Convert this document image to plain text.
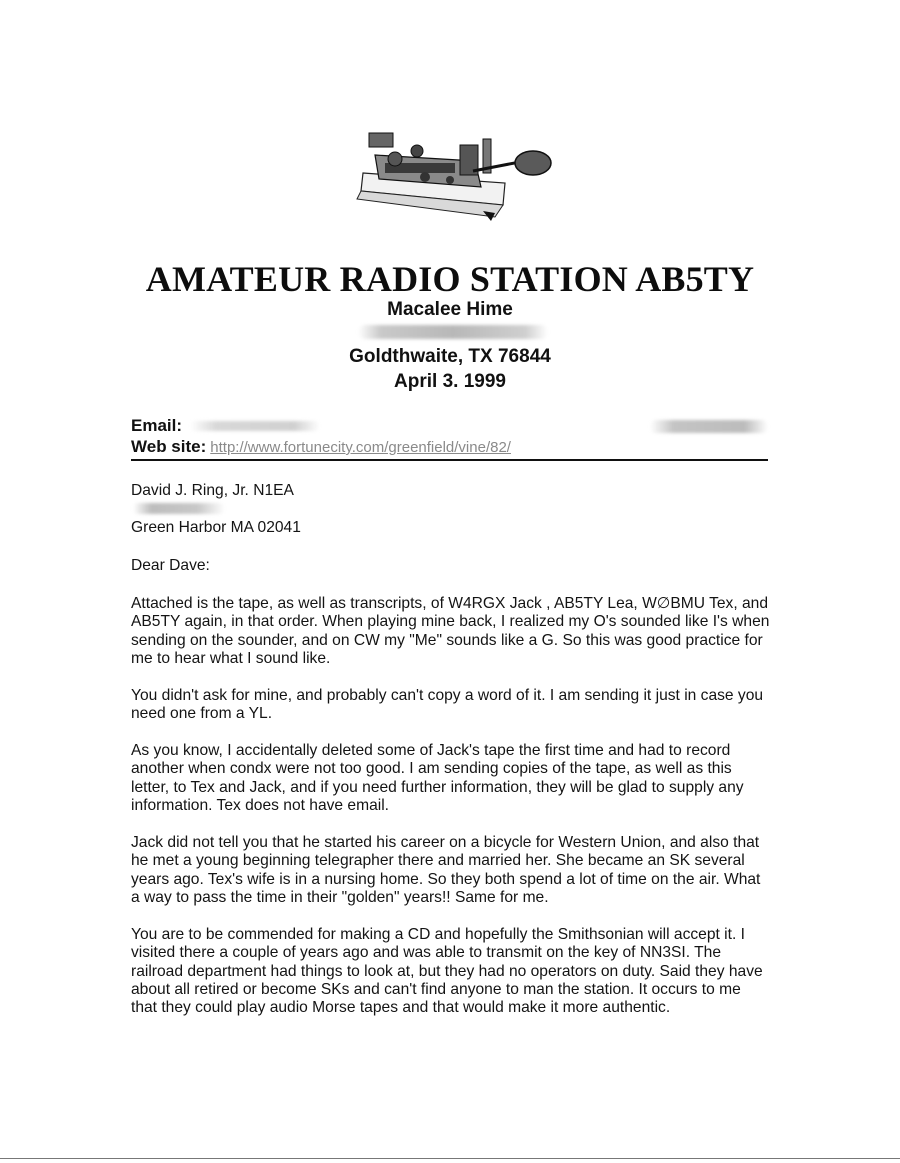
AMATEUR RADIO STATION AB5TY
Macalee Hime
Goldthwaite, TX 76844
April 3. 1999
Email:
Web site: http://www.fortunecity.com/greenfield/vine/82/
David J. Ring, Jr. N1EA
Green Harbor MA 02041
Dear Dave:
Attached is the tape, as well as transcripts, of W4RGX Jack , AB5TY Lea, W∅BMU Tex, and AB5TY again, in that order. When playing mine back, I realized my O's sounded like I's when sending on the sounder, and on CW my "Me" sounds like a G. So this was good practice for me to hear what I sound like.
You didn't ask for mine, and probably can't copy a word of it. I am sending it just in case you need one from a YL.
As you know, I accidentally deleted some of Jack's tape the first time and had to record another when condx were not too good. I am sending copies of the tape, as well as this letter, to Tex and Jack, and if you need further information, they will be glad to supply any information. Tex does not have email.
Jack did not tell you that he started his career on a bicycle for Western Union, and also that he met a young beginning telegrapher there and married her. She became an SK several years ago. Tex's wife is in a nursing home. So they both spend a lot of time on the air. What a way to pass the time in their "golden" years!! Same for me.
You are to be commended for making a CD and hopefully the Smithsonian will accept it. I visited there a couple of years ago and was able to transmit on the key of NN3SI. The railroad department had things to look at, but they had no operators on duty. Said they have about all retired or become SKs and can't find anyone to man the station. It occurs to me that they could play audio Morse tapes and that would make it more authentic.
